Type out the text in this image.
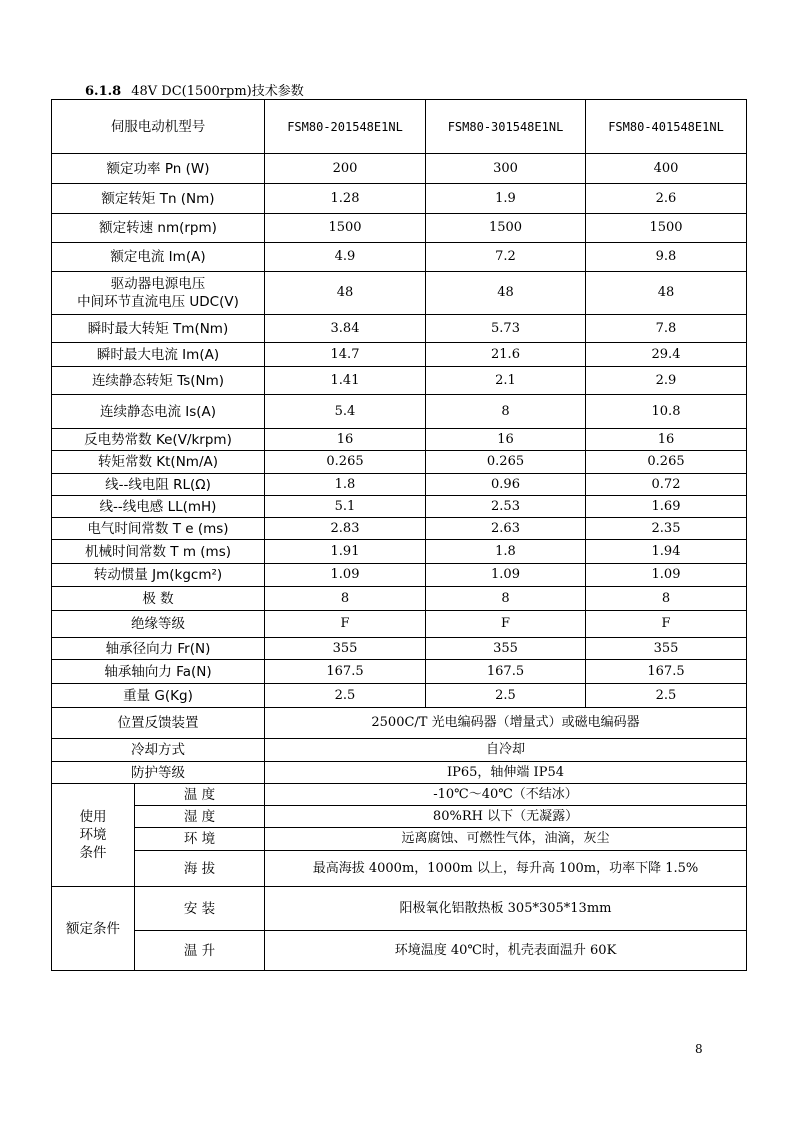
6.1.8 48V DC(1500rpm)技术参数
伺服电动机型号		FSM80-201548E1NL	FSM80-301548E1NL	FSM80-401548E1NL
额定功率 Pn (W)		200	300	400
额定转矩 Tn (Nm)		1.28	1.9	2.6
额定转速 nm(rpm)		1500	1500	1500
额定电流 Im(A)		4.9	7.2	9.8

驱动器电源电压
中间环节直流电压 UDC(V)		48	48	48
瞬时最大转矩 Tm(Nm)		3.84	5.73	7.8
瞬时最大电流 Im(A)		14.7	21.6	29.4
连续静态转矩 Ts(Nm)		1.41	2.1	2.9
连续静态电流 Is(A)		5.4	8	10.8
反电势常数 Ke(V/krpm)		16	16	16
转矩常数 Kt(Nm/A)		0.265	0.265	0.265
线--线电阻 RL(Ω)		1.8	0.96	0.72
线--线电感 LL(mH)		5.1	2.53	1.69
电气时间常数 T e (ms)		2.83	2.63	2.35
机械时间常数 T m (ms)		1.91	1.8	1.94
转动惯量 Jm(kgcm²)		1.09	1.09	1.09
极 数		8	8	8
绝缘等级		F	F	F
轴承径向力 Fr(N)		355	355	355
轴承轴向力 Fa(N)		167.5	167.5	167.5
重量 G(Kg)		2.5	2.5	2.5
位置反馈装置		2500C/T 光电编码器（增量式）或磁电编码器		
冷却方式		自冷却		
防护等级		IP65，轴伸端 IP54		

使用
环境
条件	温 度	-10℃～40℃（不结冰）		
	湿 度	80%RH 以下（无凝露）		
	环 境	远离腐蚀、可燃性气体，油滴，灰尘		
	海 拔	最高海拔 4000m，1000m 以上，每升高 100m，功率下降 1.5%		
额定条件	安 装	阳极氧化铝散热板 305*305*13mm		
	温 升	环境温度 40℃时，机壳表面温升 60K		
8
